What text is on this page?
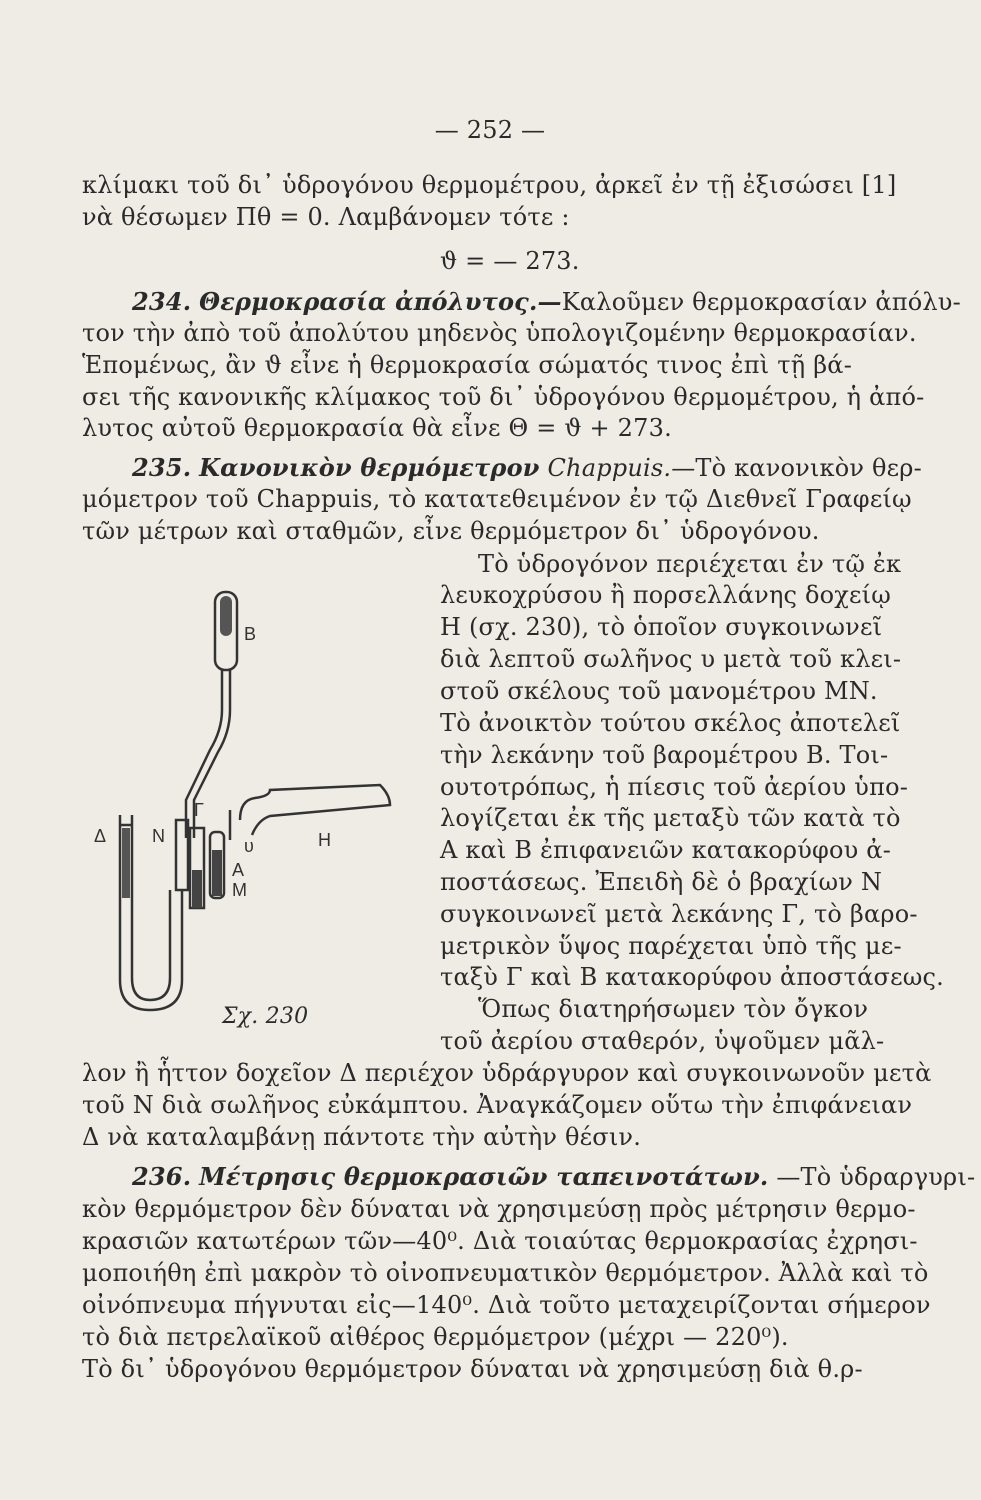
— 252 —
κλίμακι τοῦ δι᾽ ὑδρογόνου θερμομέτρου, ἀρκεῖ ἐν τῇ ἐξισώσει [1]
νὰ θέσωμεν Πθ = 0. Λαμβάνομεν τότε :
ϑ = — 273.
234. Θερμοκρασία ἀπόλυτος.—Καλοῦμεν θερμοκρασίαν ἀπόλυ-
τον τὴν ἀπὸ τοῦ ἀπολύτου μηδενὸς ὑπολογιζομένην θερμοκρασίαν.
Ἑπομένως, ἂν ϑ εἶνε ἡ θερμοκρασία σώματός τινος ἐπὶ τῇ βά-
σει τῆς κανονικῆς κλίμακος τοῦ δι᾽ ὑδρογόνου θερμομέτρου, ἡ ἀπό-
λυτος αὐτοῦ θερμοκρασία θὰ εἶνε Θ = ϑ + 273.
235. Κανονικὸν θερμόμετρον Chappuis.—Τὸ κανονικὸν θερ-
μόμετρον τοῦ Chappuis, τὸ κατατεθειμένον ἐν τῷ Διεθνεῖ Γραφείῳ
τῶν μέτρων καὶ σταθμῶν, εἶνε θερμόμετρον δι᾽ ὑδρογόνου.
Τὸ ὑδρογόνον περιέχεται ἐν τῷ ἐκ
λευκοχρύσου ἢ πορσελλάνης δοχείῳ
Η (σχ. 230), τὸ ὁποῖον συγκοινωνεῖ
διὰ λεπτοῦ σωλῆνος υ μετὰ τοῦ κλει-
στοῦ σκέλους τοῦ μανομέτρου ΜΝ.
Τὸ ἀνοικτὸν τούτου σκέλος ἀποτελεῖ
τὴν λεκάνην τοῦ βαρομέτρου Β. Τοι-
ουτοτρόπως, ἡ πίεσις τοῦ ἀερίου ὑπο-
λογίζεται ἐκ τῆς μεταξὺ τῶν κατὰ τὸ
Α καὶ Β ἐπιφανειῶν κατακορύφου ἀ-
ποστάσεως. Ἐπειδὴ δὲ ὁ βραχίων Ν
συγκοινωνεῖ μετὰ λεκάνης Γ, τὸ βαρο-
μετρικὸν ὕψος παρέχεται ὑπὸ τῆς με-
ταξὺ Γ καὶ Β κατακορύφου ἀποστάσεως.
Ὅπως διατηρήσωμεν τὸν ὄγκον
τοῦ ἀερίου σταθερόν, ὑψοῦμεν μᾶλ-
λον ἢ ἧττον δοχεῖον Δ περιέχον ὑδράργυρον καὶ συγκοινωνοῦν μετὰ
τοῦ Ν διὰ σωλῆνος εὐκάμπτου. Ἀναγκάζομεν οὕτω τὴν ἐπιφάνειαν
Δ νὰ καταλαμβάνῃ πάντοτε τὴν αὐτὴν θέσιν.
236. Μέτρησις θερμοκρασιῶν ταπεινοτάτων. —Τὸ ὑδραργυρι-
κὸν θερμόμετρον δὲν δύναται νὰ χρησιμεύσῃ πρὸς μέτρησιν θερμο-
κρασιῶν κατωτέρων τῶν—40⁰. Διὰ τοιαύτας θερμοκρασίας ἐχρησι-
μοποιήθη ἐπὶ μακρὸν τὸ οἰνοπνευματικὸν θερμόμετρον. Ἀλλὰ καὶ τὸ
οἰνόπνευμα πήγνυται εἰς—140⁰. Διὰ τοῦτο μεταχειρίζονται σήμερον
τὸ διὰ πετρελαϊκοῦ αἰθέρος θερμόμετρον (μέχρι — 220⁰).
Τὸ δι᾽ ὑδρογόνου θερμόμετρον δύναται νὰ χρησιμεύσῃ διὰ θ.ρ-
B
H
υ
A
M
N
Δ
Γ
Σχ. 230
